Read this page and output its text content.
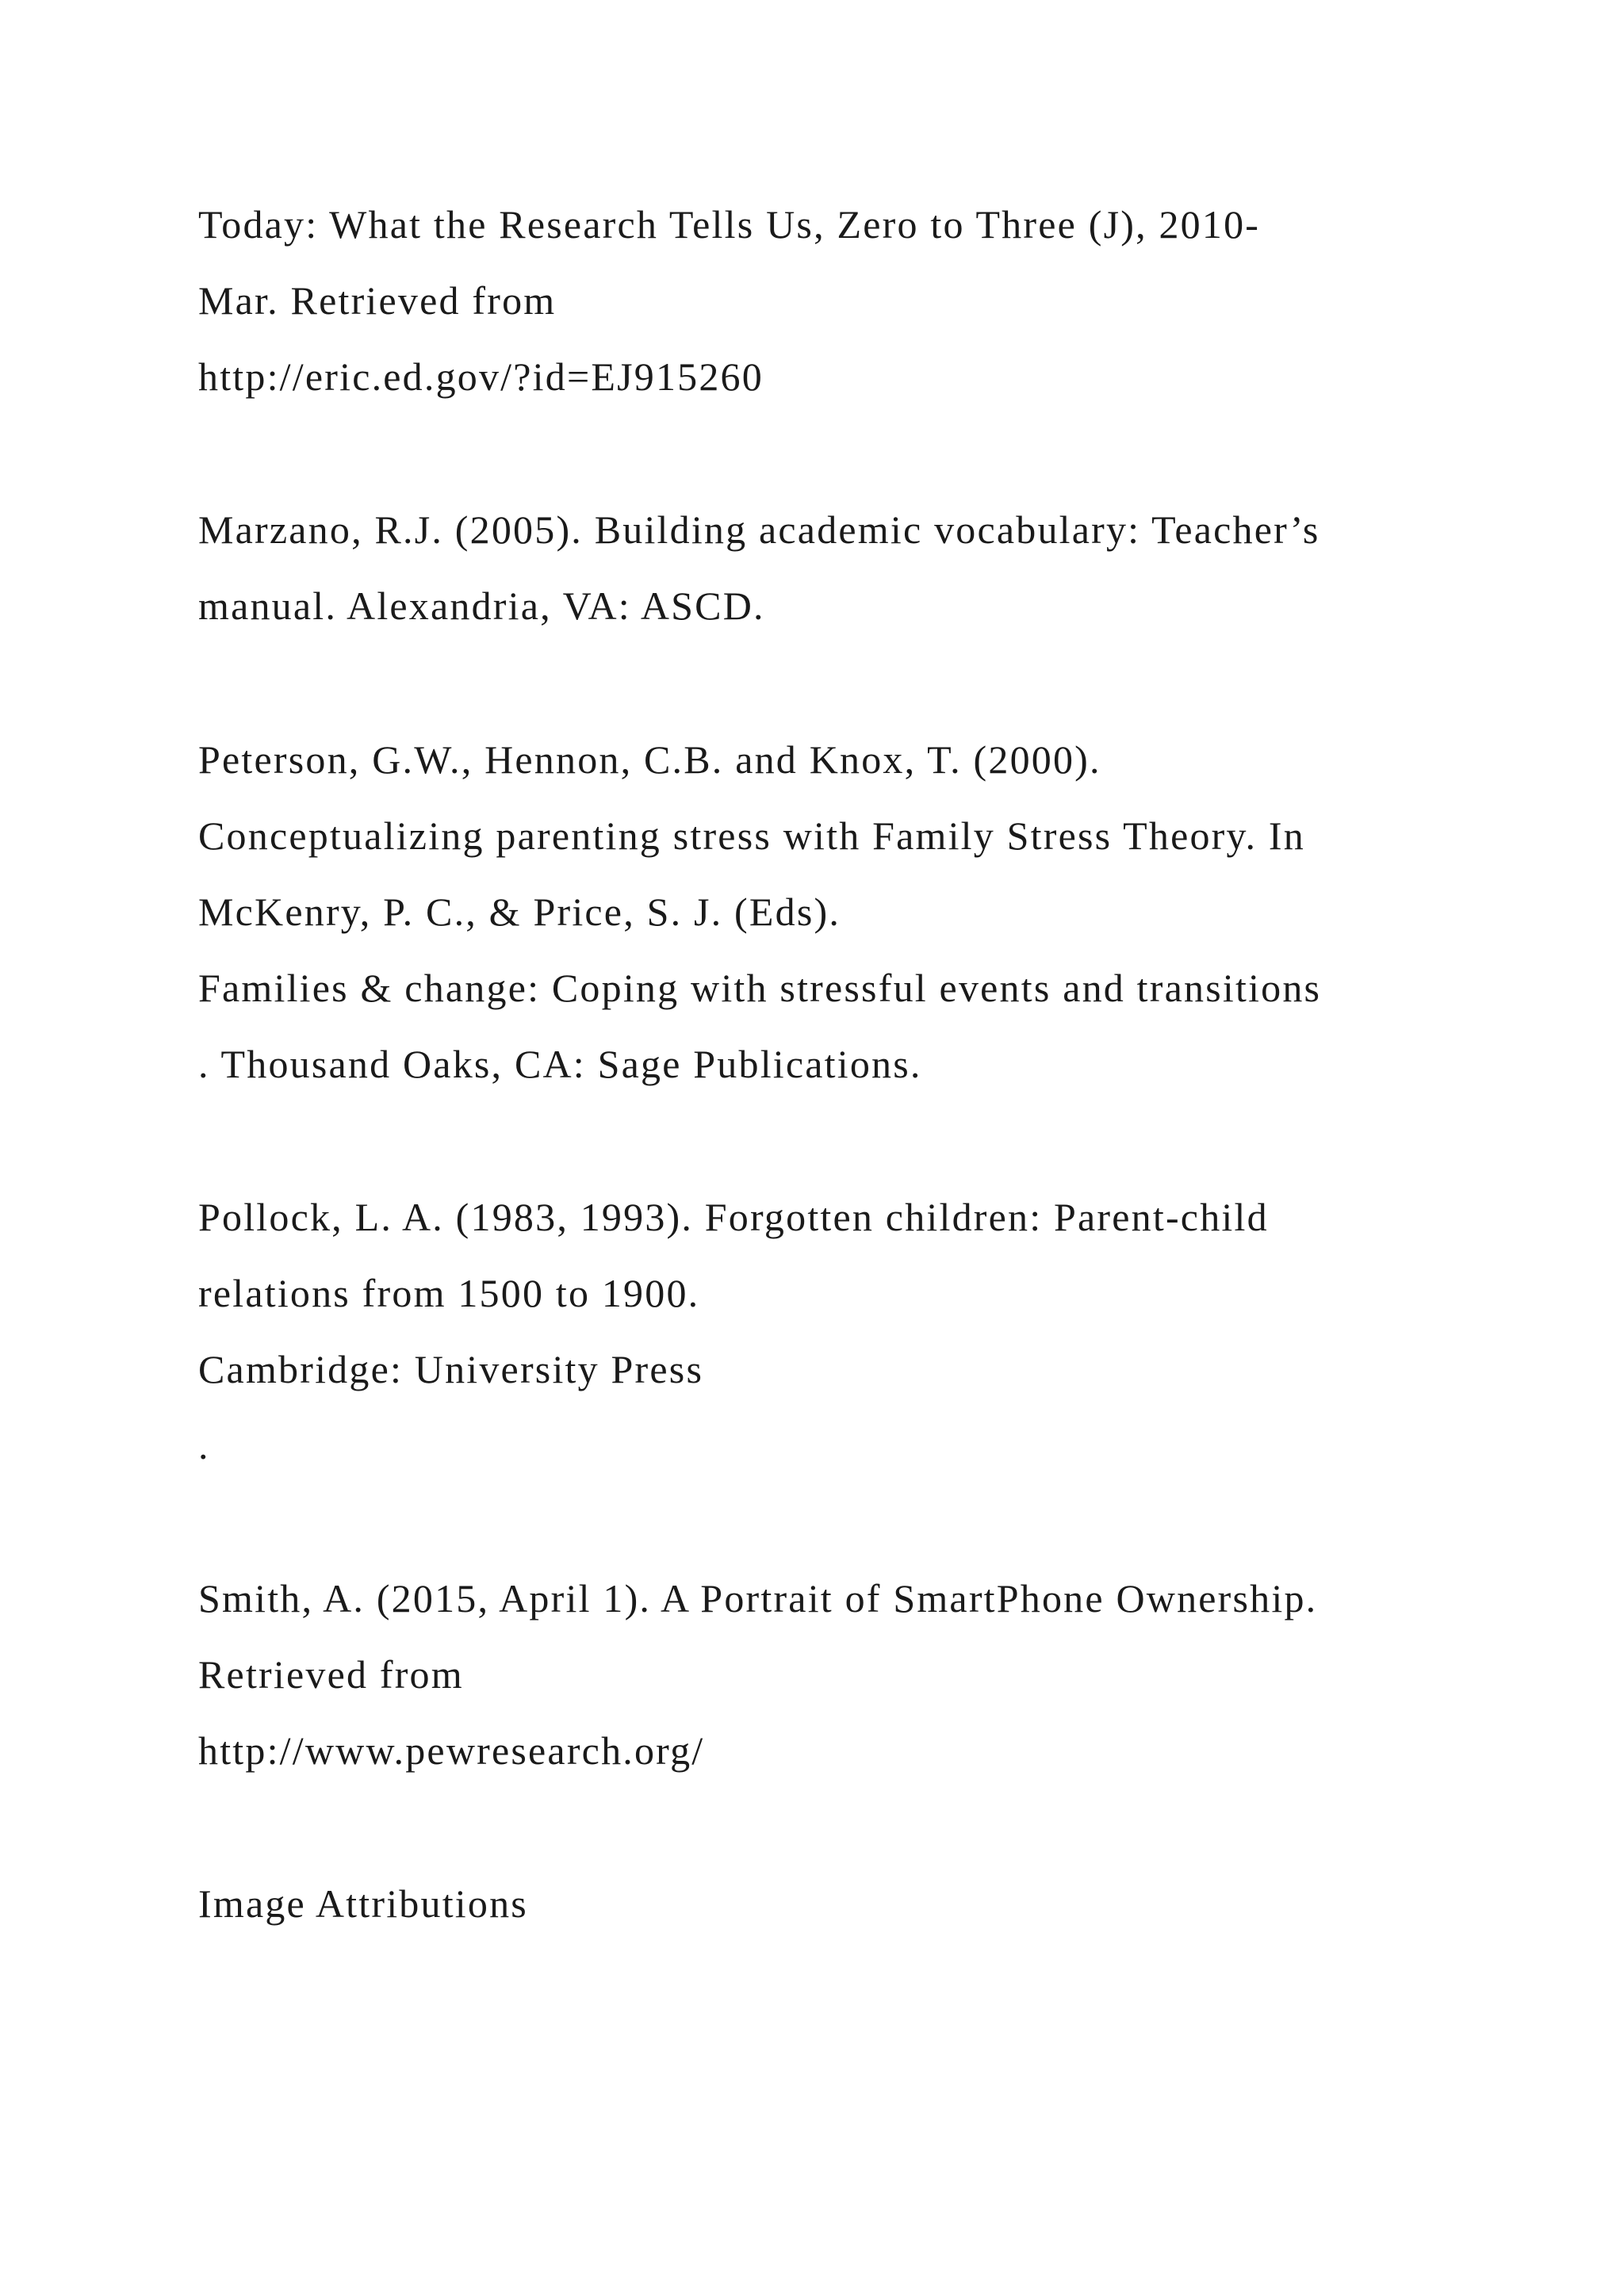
Today: What the Research Tells Us, Zero to Three (J), 2010-
Mar. Retrieved from
http://eric.ed.gov/?id=EJ915260
Marzano, R.J. (2005). Building academic vocabulary: Teacher’s
manual. Alexandria, VA: ASCD.
Peterson, G.W., Hennon, C.B. and Knox, T. (2000).
Conceptualizing parenting stress with Family Stress Theory. In
McKenry, P. C., & Price, S. J. (Eds).
Families & change: Coping with stressful events and transitions
. Thousand Oaks, CA: Sage Publications.
Pollock, L. A. (1983, 1993). Forgotten children: Parent-child
relations from 1500 to 1900.
Cambridge: University Press
.
Smith, A. (2015, April 1). A Portrait of SmartPhone Ownership.
Retrieved from
http://www.pewresearch.org/
Image Attributions
